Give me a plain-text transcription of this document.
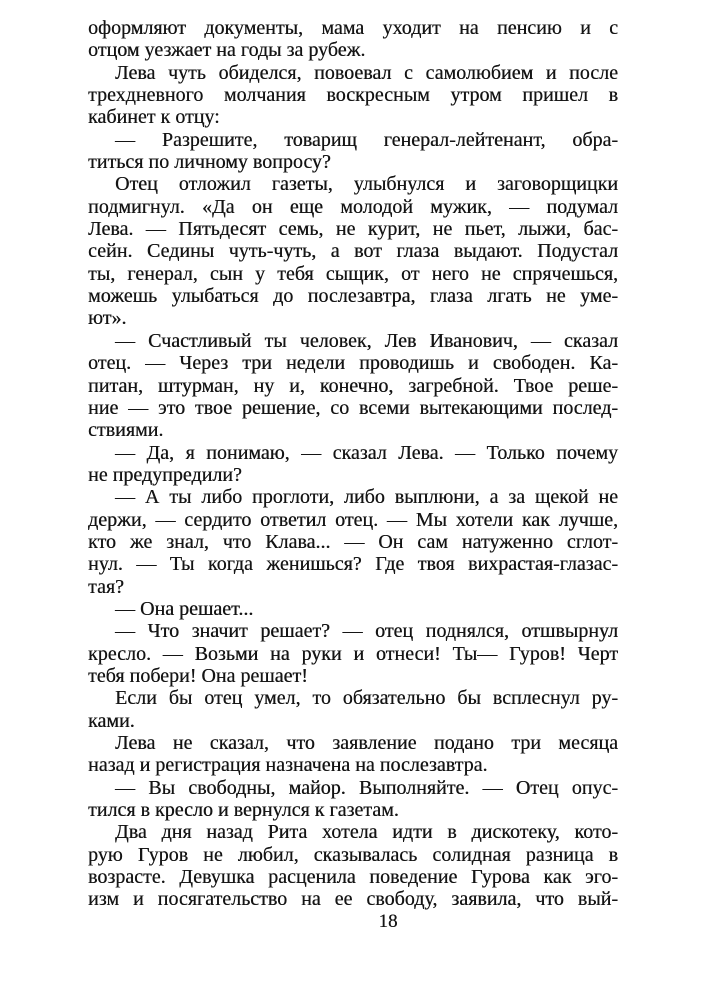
оформляют документы, мама уходит на пенсию и с
отцом уезжает на годы за рубеж.

Лева чуть обиделся, повоевал с самолюбием и после
трехдневного молчания воскресным утром пришел в
кабинет к отцу:

— Разрешите, товарищ генерал-лейтенант, обра-
титься по личному вопросу?

Отец отложил газеты, улыбнулся и заговорщицки
подмигнул. «Да он еще молодой мужик, — подумал
Лева. — Пятьдесят семь, не курит, не пьет, лыжи, бас-
сейн. Седины чуть-чуть, а вот глаза выдают. Подустал
ты, генерал, сын у тебя сыщик, от него не спрячешься,
можешь улыбаться до послезавтра, глаза лгать не уме-
ют».

— Счастливый ты человек, Лев Иванович, — сказал
отец. — Через три недели проводишь и свободен. Ка-
питан, штурман, ну и, конечно, загребной. Твое реше-
ние — это твое решение, со всеми вытекающими послед-
ствиями.

— Да, я понимаю, — сказал Лева. — Только почему
не предупредили?

— А ты либо проглоти, либо выплюни, а за щекой не
держи, — сердито ответил отец. — Мы хотели как лучше,
кто же знал, что Клава... — Он сам натуженно сглот-
нул. — Ты когда женишься? Где твоя вихрастая-глазас-
тая?

— Она решает...

— Что значит решает? — отец поднялся, отшвырнул
кресло. — Возьми на руки и отнеси! Ты— Гуров! Черт
тебя побери! Она решает!

Если бы отец умел, то обязательно бы всплеснул ру-
ками.

Лева не сказал, что заявление подано три месяца
назад и регистрация назначена на послезавтра.

— Вы свободны, майор. Выполняйте. — Отец опус-
тился в кресло и вернулся к газетам.

Два дня назад Рита хотела идти в дискотеку, кото-
рую Гуров не любил, сказывалась солидная разница в
возрасте. Девушка расценила поведение Гурова как эго-
изм и посягательство на ее свободу, заявила, что вый-

18
